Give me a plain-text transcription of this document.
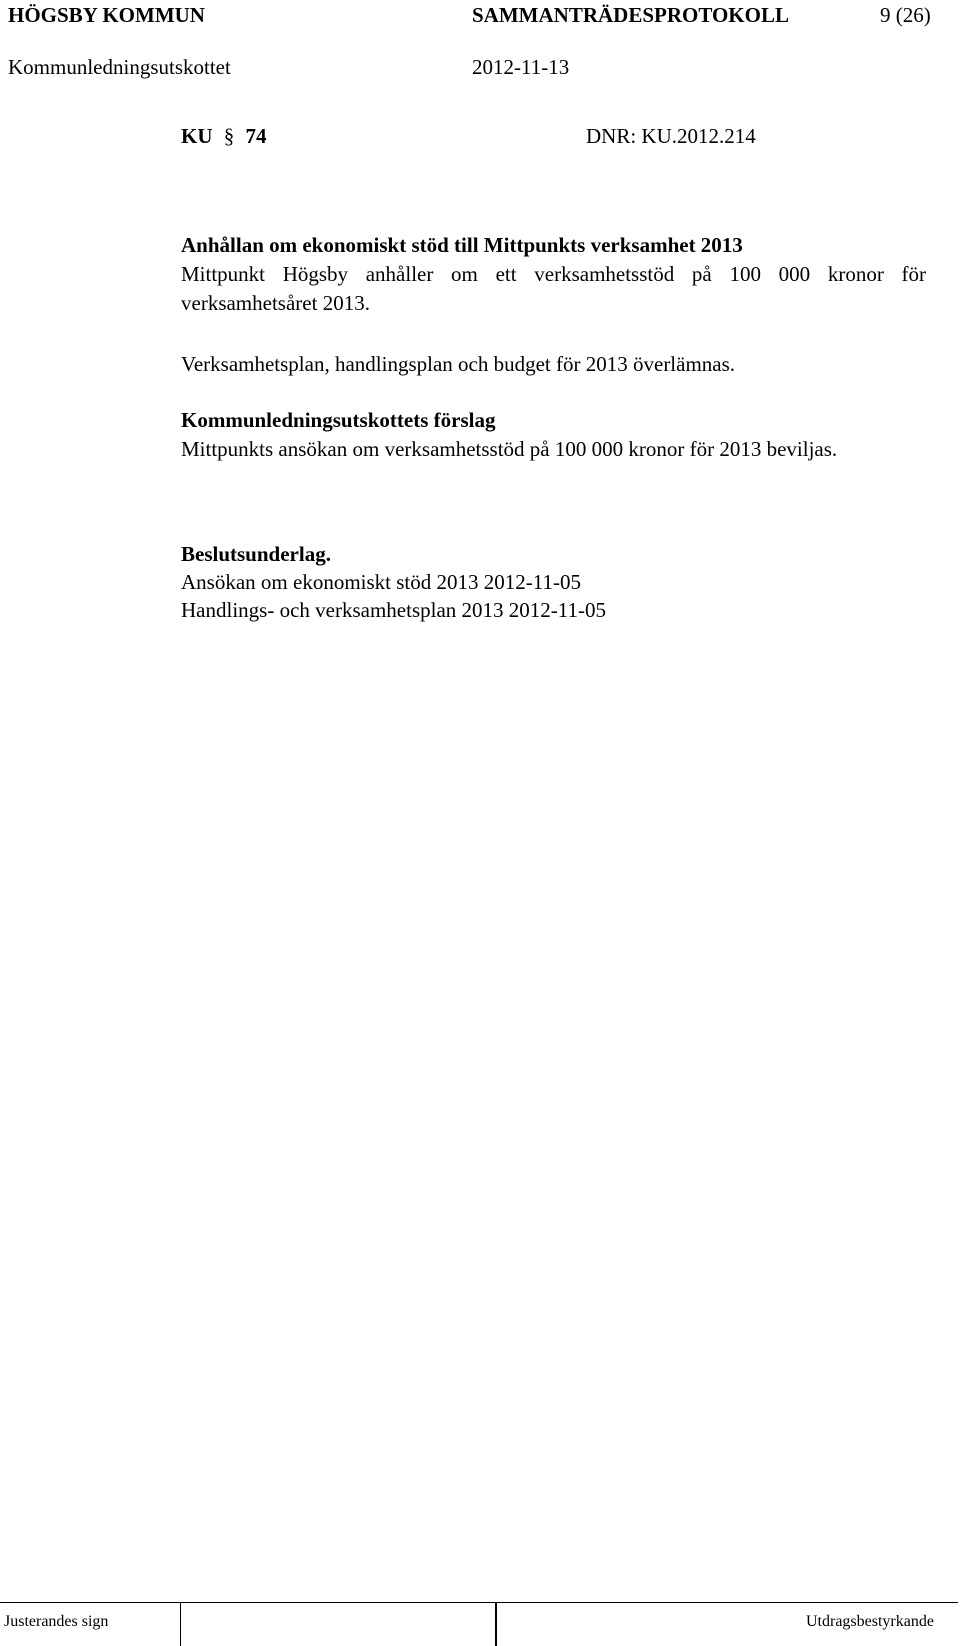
HÖGSBY KOMMUN	SAMMANTRÄDESPROTOKOLL	9 (26)
Kommunledningsutskottet	2012-11-13
KU § 74	DNR: KU.2012.214

Anhållan om ekonomiskt stöd till Mittpunkts verksamhet 2013

Mittpunkt Högsby anhåller om ett verksamhetsstöd på 100 000 kronor för verksamhetsåret 2013.

Verksamhetsplan, handlingsplan och budget för 2013 överlämnas.

Kommunledningsutskottets förslag

Mittpunkts ansökan om verksamhetsstöd på 100 000 kronor för 2013 beviljas.

Beslutsunderlag.

Ansökan om ekonomiskt stöd 2013 2012-11-05

Handlings- och verksamhetsplan 2013 2012-11-05

Justerandes sign	Utdragsbestyrkande
